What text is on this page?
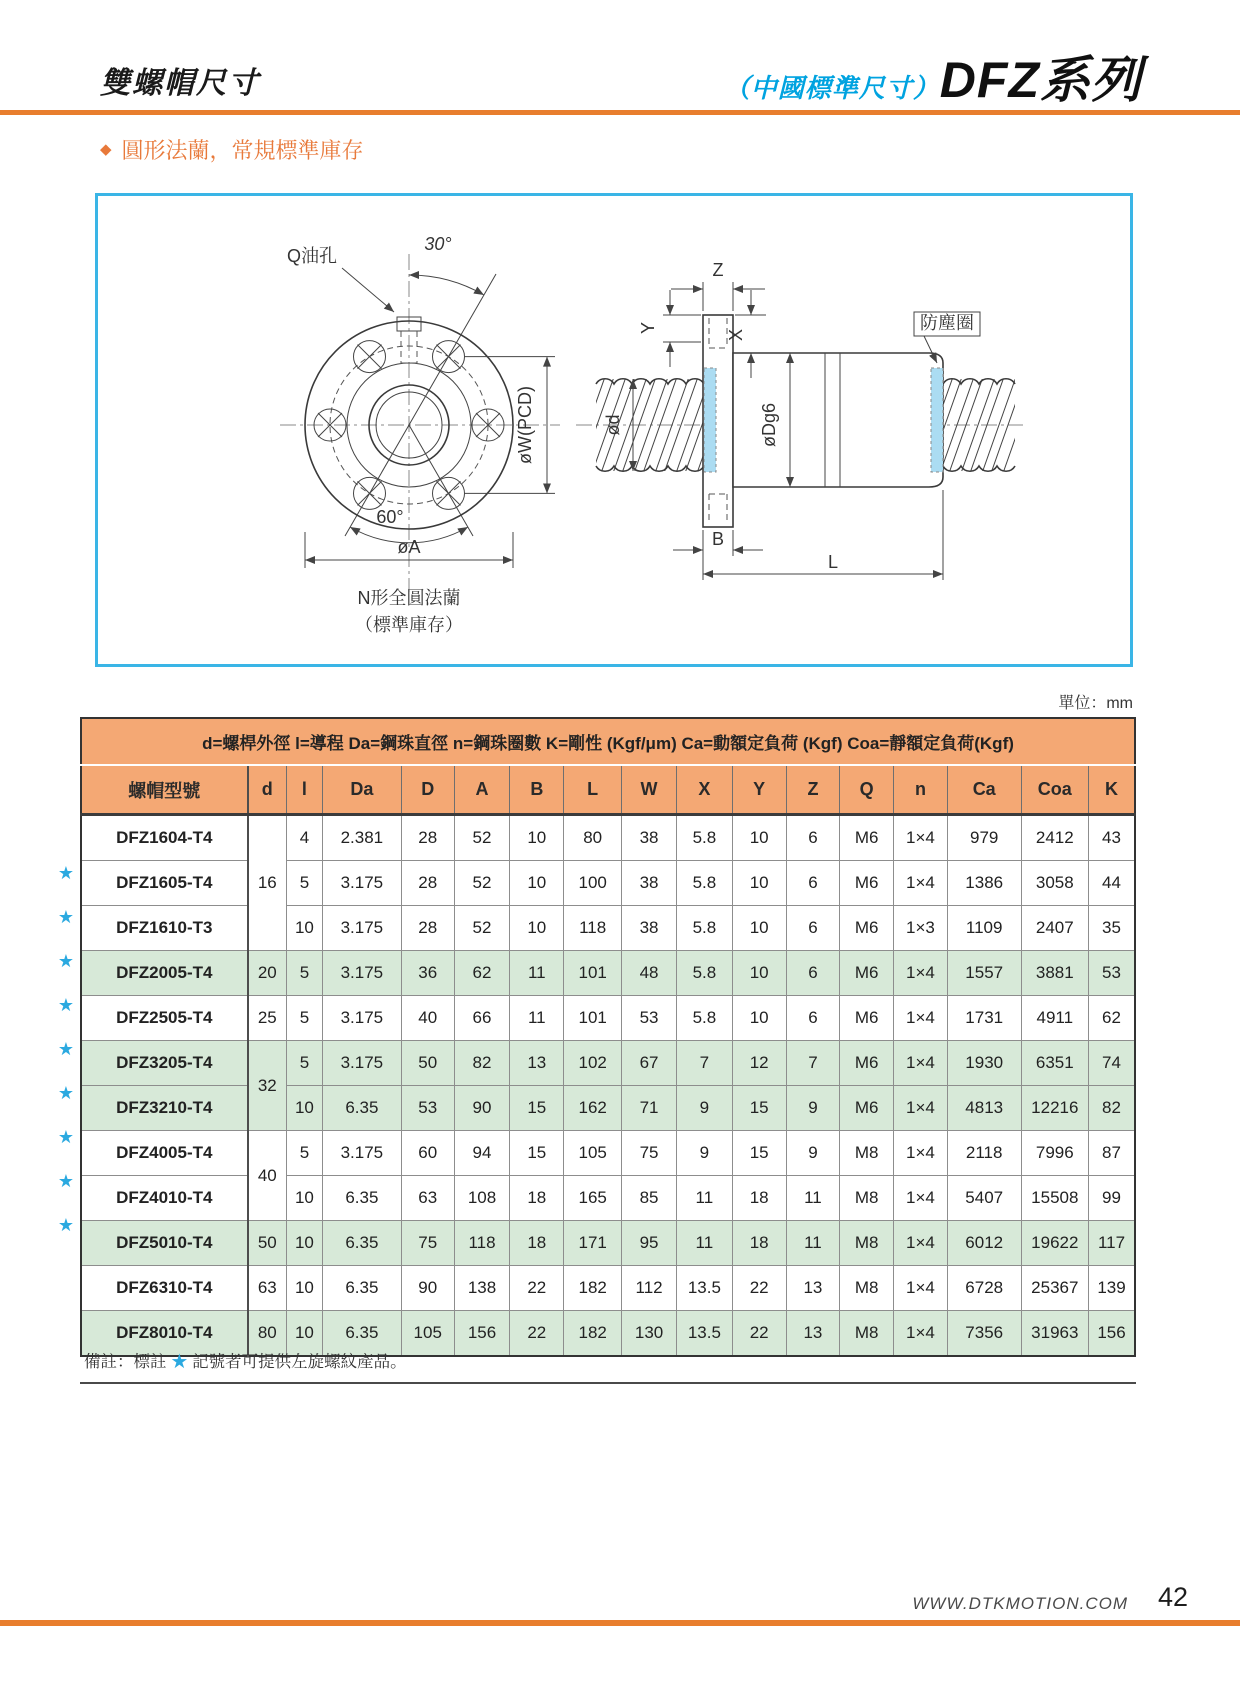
雙螺帽尺寸	（中國標準尺寸） DFZ系列
◆ 圓形法蘭，常規標準庫存
30°
Q油孔
øW(PCD)
60°
øA
N形全圓法蘭
（標準庫存）
Z
Y
X
防塵圈
ød	øDg6
B
L
單位：mm
★
★
★
★
★
★
★
★
★
d=螺桿外徑 l=導程 Da=鋼珠直徑 n=鋼珠圈數 K=剛性 (Kgf/μm) Ca=動額定負荷 (Kgf) Coa=靜額定負荷(Kgf)																
螺帽型號	d	l	Da	D	A	B	L	W	X	Y	Z	Q	n	Ca	Coa	K
DFZ1604-T4	16	4	2.381	28	52	10	80	38	5.8	10	6	M6	1×4	979	2412	43
DFZ1605-T4		5	3.175	28	52	10	100	38	5.8	10	6	M6	1×4	1386	3058	44
DFZ1610-T3		10	3.175	28	52	10	118	38	5.8	10	6	M6	1×3	1109	2407	35
DFZ2005-T4	20	5	3.175	36	62	11	101	48	5.8	10	6	M6	1×4	1557	3881	53
DFZ2505-T4	25	5	3.175	40	66	11	101	53	5.8	10	6	M6	1×4	1731	4911	62
DFZ3205-T4	32	5	3.175	50	82	13	102	67	7	12	7	M6	1×4	1930	6351	74
DFZ3210-T4		10	6.35	53	90	15	162	71	9	15	9	M6	1×4	4813	12216	82
DFZ4005-T4	40	5	3.175	60	94	15	105	75	9	15	9	M8	1×4	2118	7996	87
DFZ4010-T4		10	6.35	63	108	18	165	85	11	18	11	M8	1×4	5407	15508	99
DFZ5010-T4	50	10	6.35	75	118	18	171	95	11	18	11	M8	1×4	6012	19622	117
DFZ6310-T4	63	10	6.35	90	138	22	182	112	13.5	22	13	M8	1×4	6728	25367	139
DFZ8010-T4	80	10	6.35	105	156	22	182	130	13.5	22	13	M8	1×4	7356	31963	156
備註：標註 ★ 記號者可提供左旋螺紋產品。
WWW.DTKMOTION.COM 42
